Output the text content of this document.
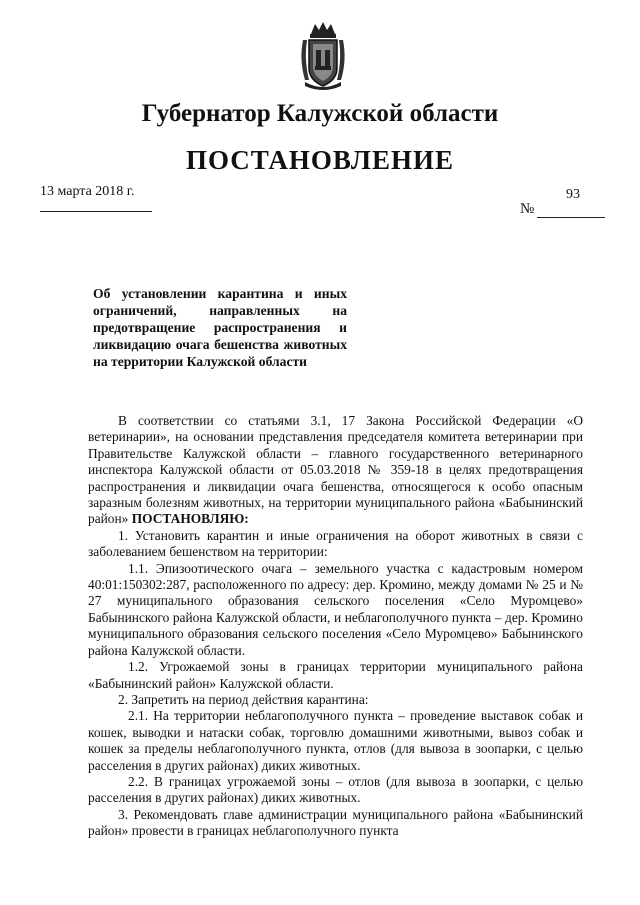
Губернатор Калужской области
ПОСТАНОВЛЕНИЕ
13 марта 2018 г.	93
№
Об установлении карантина и иных ограничений, направленных на предотвращение распространения и ликвидацию очага бешенства животных на территории Калужской области

В соответствии со статьями 3.1, 17 Закона Российской Федерации «О ветеринарии», на основании представления председателя комитета ветеринарии при Правительстве Калужской области – главного государственного ветеринарного инспектора Калужской области от 05.03.2018 № 359-18 в целях предотвращения распространения и ликвидации очага бешенства, относящегося к особо опасным заразным болезням животных, на территории муниципального района «Бабынинский район» ПОСТАНОВЛЯЮ:

1. Установить карантин и иные ограничения на оборот животных в связи с заболеванием бешенством на территории:

1.1. Эпизоотического очага – земельного участка с кадастровым номером 40:01:150302:287, расположенного по адресу: дер. Кромино, между домами № 25 и № 27 муниципального образования сельского поселения «Село Муромцево» Бабынинского района Калужской области, и неблагополучного пункта – дер. Кромино муниципального образования сельского поселения «Село Муромцево» Бабынинского района Калужской области.

1.2. Угрожаемой зоны в границах территории муниципального района «Бабынинский район» Калужской области.

2. Запретить на период действия карантина:

2.1. На территории неблагополучного пункта – проведение выставок собак и кошек, выводки и натаски собак, торговлю домашними животными, вывоз собак и кошек за пределы неблагополучного пункта, отлов (для вывоза в зоопарки, с целью расселения в других районах) диких животных.

2.2. В границах угрожаемой зоны – отлов (для вывоза в зоопарки, с целью расселения в других районах) диких животных.

3. Рекомендовать главе администрации муниципального района «Бабынинский район» провести в границах неблагополучного пункта
